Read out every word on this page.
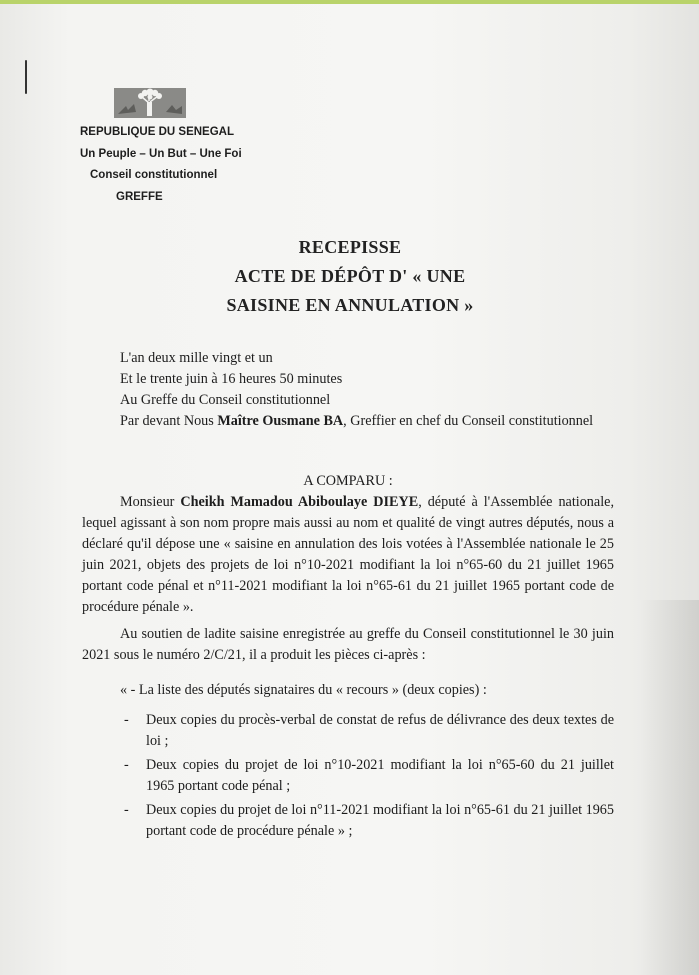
REPUBLIQUE DU SENEGAL
Un Peuple – Un But – Une Foi
Conseil constitutionnel
GREFFE
RECEPISSE
ACTE DE DÉPÔT D' « UNE
SAISINE EN ANNULATION »
L'an deux mille vingt et un
Et le trente juin à 16 heures 50 minutes
Au Greffe du Conseil constitutionnel
Par devant Nous Maître Ousmane BA, Greffier en chef du Conseil constitutionnel
A COMPARU :
Monsieur Cheikh Mamadou Abiboulaye DIEYE, député à l'Assemblée nationale, lequel agissant à son nom propre mais aussi au nom et qualité de vingt autres députés, nous a déclaré qu'il dépose une « saisine en annulation des lois votées à l'Assemblée nationale le 25 juin 2021, objets des projets de loi n°10-2021 modifiant la loi n°65-60 du 21 juillet 1965 portant code pénal et n°11-2021 modifiant la loi n°65-61 du 21 juillet 1965 portant code de procédure pénale ».
Au soutien de ladite saisine enregistrée au greffe du Conseil constitutionnel le 30 juin 2021 sous le numéro 2/C/21, il a produit les pièces ci-après :
« - La liste des députés signataires du « recours » (deux copies) :
- Deux copies du procès-verbal de constat de refus de délivrance des deux textes de loi ;
- Deux copies du projet de loi n°10-2021 modifiant la loi n°65-60 du 21 juillet 1965 portant code pénal ;
- Deux copies du projet de loi n°11-2021 modifiant la loi n°65-61 du 21 juillet 1965 portant code de procédure pénale » ;
